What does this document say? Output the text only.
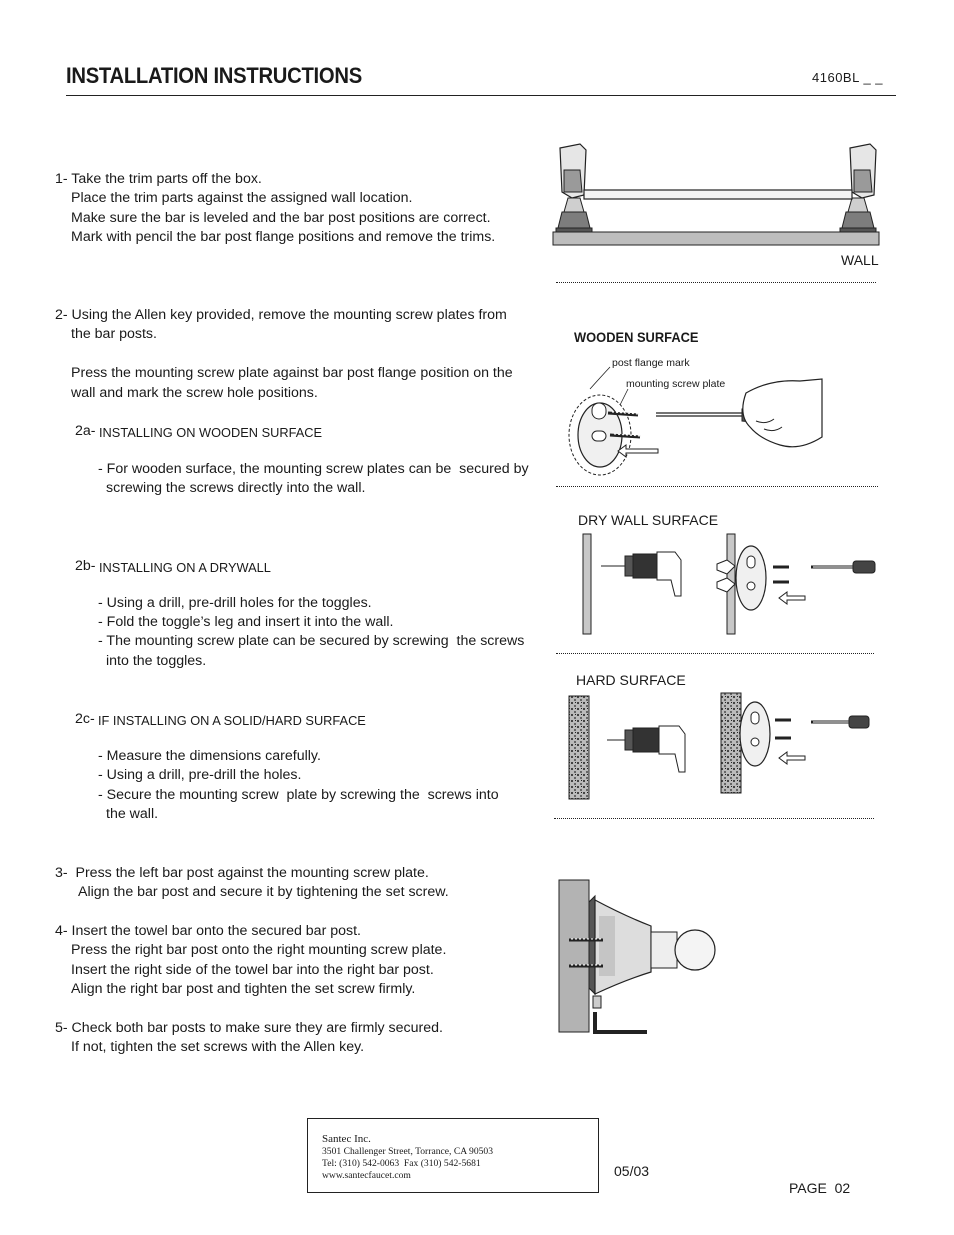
INSTALLATION INSTRUCTIONS	4160BL _ _
1- Take the trim parts off the box.
Place the trim parts against the assigned wall location.
Make sure the bar is leveled and the bar post positions are correct.
Mark with pencil the bar post flange positions and remove the trims.
2- Using the Allen key provided, remove the mounting screw plates from
the bar posts.
Press the mounting screw plate against bar post flange position on the
wall and mark the screw hole positions.
2a- INSTALLING ON WOODEN SURFACE
- For wooden surface, the mounting screw plates can be  secured by
screwing the screws directly into the wall.
2b- INSTALLING ON A DRYWALL
- Using a drill, pre-drill holes for the toggles.
- Fold the toggle’s leg and insert it into the wall.
- The mounting screw plate can be secured by screwing  the screws
into the toggles.
2c- IF INSTALLING ON A SOLID/HARD SURFACE
- Measure the dimensions carefully.
- Using a drill, pre-drill the holes.
- Secure the mounting screw  plate by screwing the  screws into
the wall.
3-  Press the left bar post against the mounting screw plate.
Align the bar post and secure it by tightening the set screw.
4- Insert the towel bar onto the secured bar post.
Press the right bar post onto the right mounting screw plate.
Insert the right side of the towel bar into the right bar post.
Align the right bar post and tighten the set screw firmly.
5- Check both bar posts to make sure they are firmly secured.
If not, tighten the set screws with the Allen key.
WALL
WOODEN SURFACE
post flange mark
mounting screw plate
DRY WALL SURFACE
HARD SURFACE
Santec Inc.
3501 Challenger Street, Torrance, CA 90503
Tel: (310) 542-0063  Fax (310) 542-5681
www.santecfaucet.com	05/03
PAGE  02
